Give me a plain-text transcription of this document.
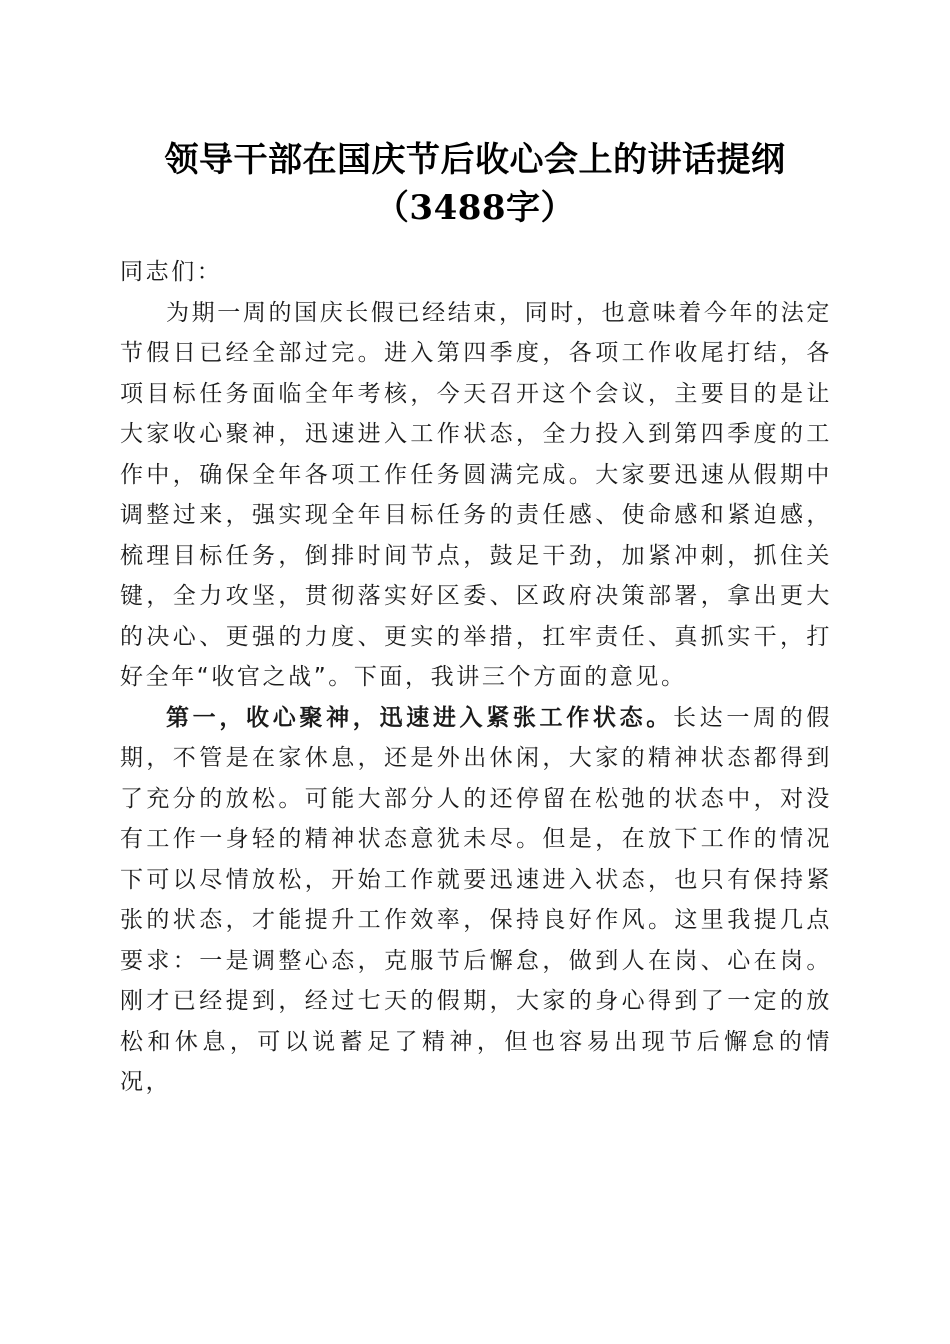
领导干部在国庆节后收心会上的讲话提纲
（3488字）

同志们：

为期一周的国庆长假已经结束，同时，也意味着今年的法定节假日已经全部过完。进入第四季度，各项工作收尾打结，各项目标任务面临全年考核，今天召开这个会议，主要目的是让大家收心聚神，迅速进入工作状态，全力投入到第四季度的工作中，确保全年各项工作任务圆满完成。大家要迅速从假期中调整过来，强实现全年目标任务的责任感、使命感和紧迫感，梳理目标任务，倒排时间节点，鼓足干劲，加紧冲刺，抓住关键，全力攻坚，贯彻落实好区委、区政府决策部署，拿出更大的决心、更强的力度、更实的举措，扛牢责任、真抓实干，打好全年“收官之战”。下面，我讲三个方面的意见。

第一，收心聚神，迅速进入紧张工作状态。长达一周的假期，不管是在家休息，还是外出休闲，大家的精神状态都得到了充分的放松。可能大部分人的还停留在松弛的状态中，对没有工作一身轻的精神状态意犹未尽。但是，在放下工作的情况下可以尽情放松，开始工作就要迅速进入状态，也只有保持紧张的状态，才能提升工作效率，保持良好作风。这里我提几点要求：一是调整心态，克服节后懈怠，做到人在岗、心在岗。刚才已经提到，经过七天的假期，大家的身心得到了一定的放松和休息，可以说蓄足了精神，但也容易出现节后懈怠的情况，
